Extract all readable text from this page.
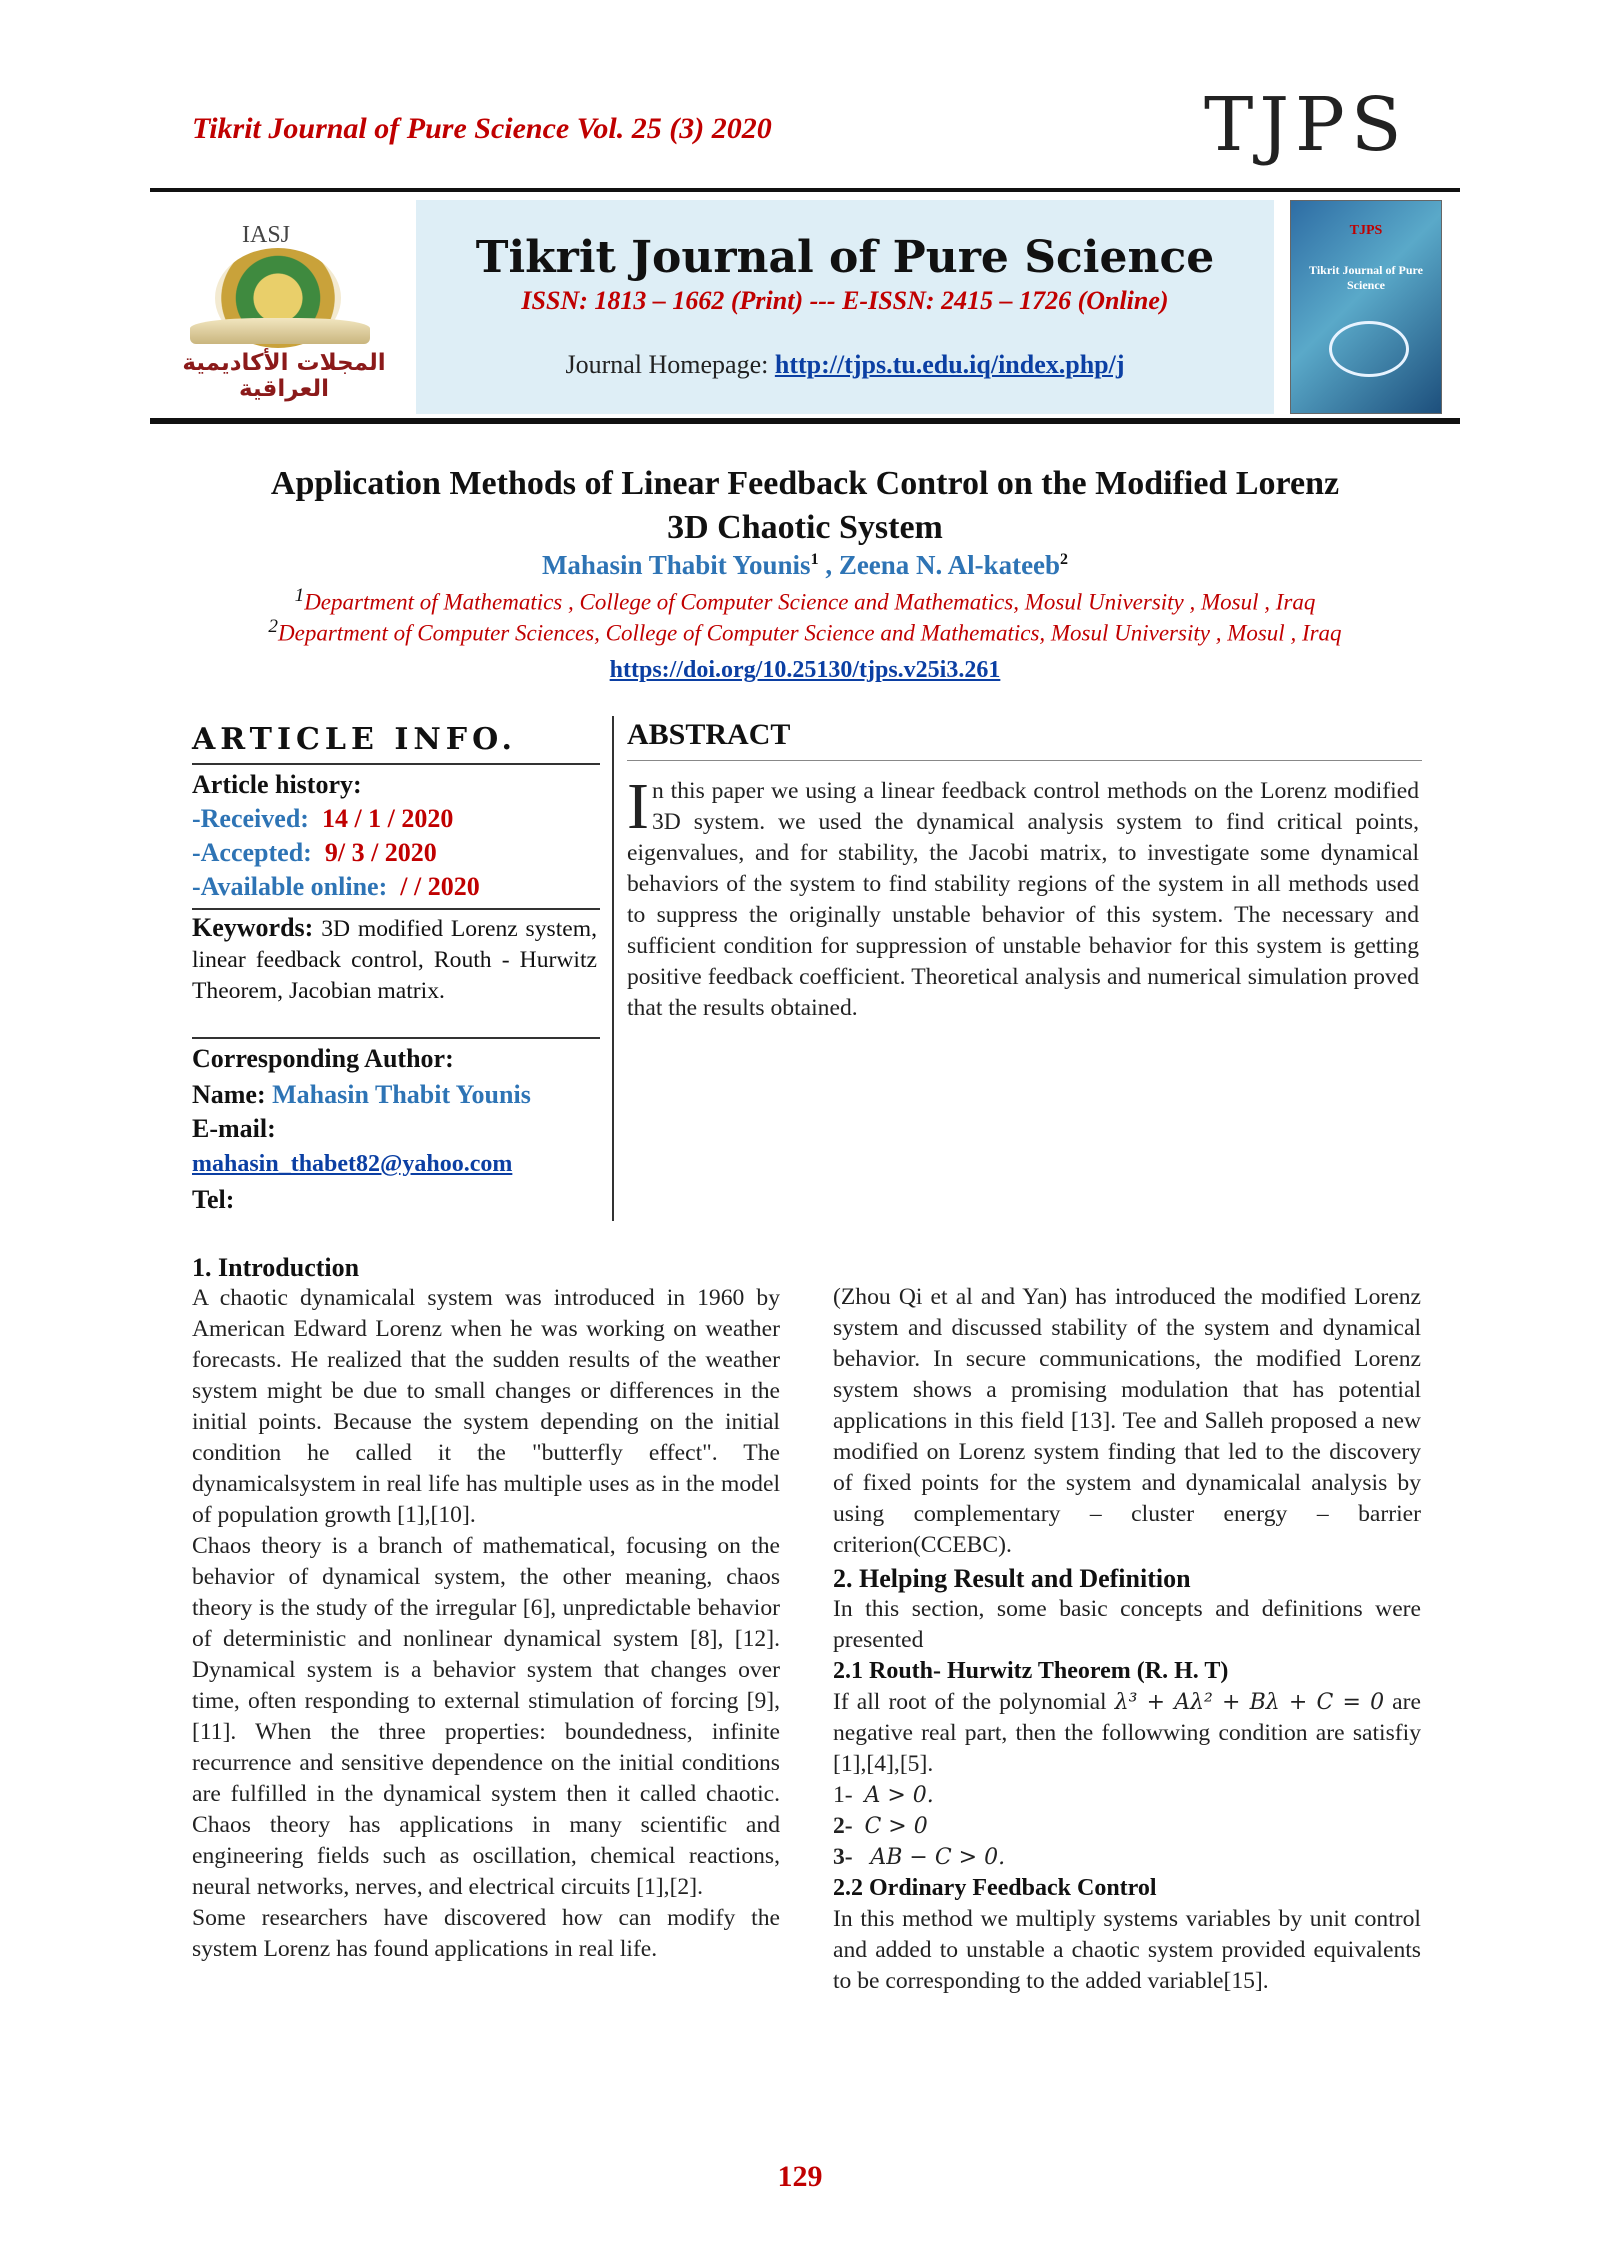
Tikrit Journal of Pure Science Vol. 25 (3) 2020	TJPS
IASJ
المجلات الأكاديمية العراقية
Tikrit Journal of Pure Science
ISSN: 1813 – 1662 (Print) --- E-ISSN: 2415 – 1726 (Online)
Journal Homepage: http://tjps.tu.edu.iq/index.php/j
TJPS
Tikrit Journal of Pure Science
Application Methods of Linear Feedback Control on the Modified Lorenz
3D Chaotic System
Mahasin Thabit Younis$^1$ , Zeena N. Al-kateeb$^2$
$^1$Department of Mathematics , College of Computer Science and Mathematics, Mosul University , Mosul , Iraq
$^2$Department of Computer Sciences, College of Computer Science and Mathematics, Mosul University , Mosul , Iraq
https://doi.org/10.25130/tjps.v25i3.261
ARTICLE INFO.
Article history:
-Received: 14 / 1 / 2020
-Accepted: 9/ 3 / 2020
-Available online: / / 2020
Keywords: 3D modified Lorenz system, linear feedback control, Routh - Hurwitz Theorem, Jacobian matrix.
Corresponding Author:
Name: Mahasin Thabit Younis
E-mail:
mahasin_thabet82@yahoo.com
Tel:
ABSTRACT
In this paper we using a linear feedback control methods on the Lorenz modified 3D system. we used the dynamical analysis system to find critical points, eigenvalues, and for stability, the Jacobi matrix, to investigate some dynamical behaviors of the system to find stability regions of the system in all methods used to suppress the originally unstable behavior of this system. The necessary and sufficient condition for suppression of unstable behavior for this system is getting positive feedback coefficient. Theoretical analysis and numerical simulation proved that the results obtained.

1. Introduction

A chaotic dynamicalal system was introduced in 1960 by American Edward Lorenz when he was working on weather forecasts. He realized that the sudden results of the weather system might be due to small changes or differences in the initial points. Because the system depending on the initial condition he called it the "butterfly effect". The dynamicalsystem in real life has multiple uses as in the model of population growth [1],[10].

Chaos theory is a branch of mathematical, focusing on the behavior of dynamical system, the other meaning, chaos theory is the study of the irregular [6], unpredictable behavior of deterministic and nonlinear dynamical system [8], [12]. Dynamical system is a behavior system that changes over time, often responding to external stimulation of forcing [9],[11]. When the three properties: boundedness, infinite recurrence and sensitive dependence on the initial conditions are fulfilled in the dynamical system then it called chaotic. Chaos theory has applications in many scientific and engineering fields such as oscillation, chemical reactions, neural networks, nerves, and electrical circuits [1],[2].

Some researchers have discovered how can modify the system Lorenz has found applications in real life.

(Zhou Qi et al and Yan) has introduced the modified Lorenz system and discussed stability of the system and dynamical behavior. In secure communications, the modified Lorenz system shows a promising modulation that has potential applications in this field [13]. Tee and Salleh proposed a new modified on Lorenz system finding that led to the discovery of fixed points for the system and dynamicalal analysis by using complementary – cluster energy – barrier criterion(CCEBC).

2. Helping Result and Definition

In this section, some basic concepts and definitions were presented

2.1 Routh- Hurwitz Theorem (R. H. T)

If all root of the polynomial λ³ + Aλ² + Bλ + C = 0 are negative real part, then the followwing condition are satisfiy [1],[4],[5].

1- A > 0.

2- C > 0

3- AB − C > 0.

2.2 Ordinary Feedback Control

In this method we multiply systems variables by unit control and added to unstable a chaotic system provided equivalents to be corresponding to the added variable[15].

129
